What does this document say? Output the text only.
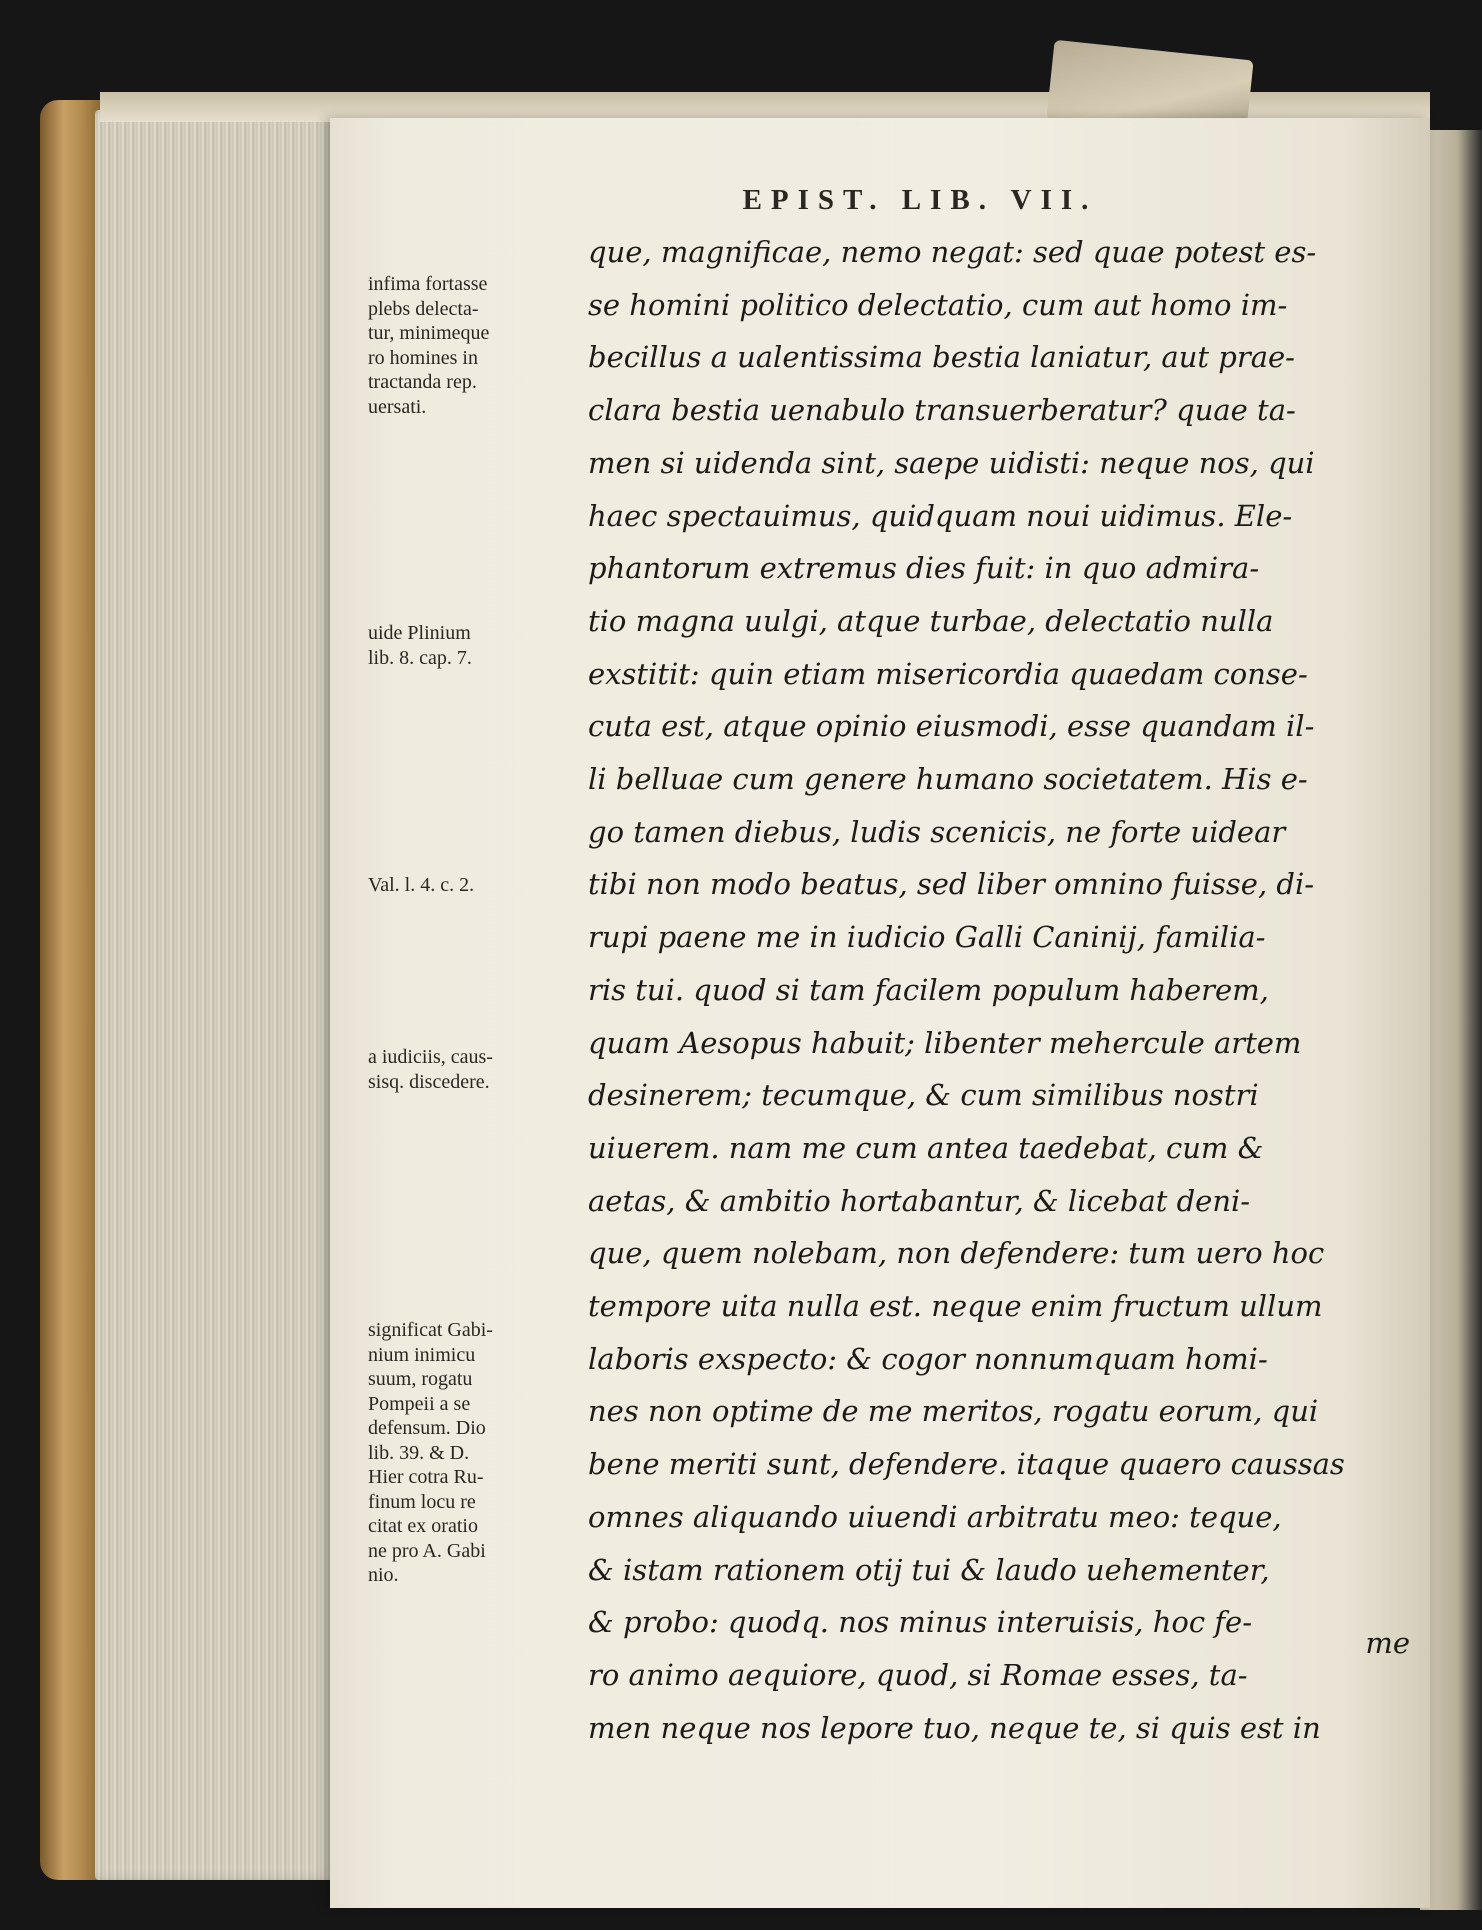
EPIST. LIB. VII.
que, magnificae, nemo negat: sed quae potest es-
se homini politico delectatio, cum aut homo im-
becillus a ualentissima bestia laniatur, aut prae-
clara bestia uenabulo transuerberatur? quae ta-
men si uidenda sint, saepe uidisti: neque nos, qui
haec spectauimus, quidquam noui uidimus. Ele-
phantorum extremus dies fuit: in quo admira-
tio magna uulgi, atque turbae, delectatio nulla
exstitit: quin etiam misericordia quaedam conse-
cuta est, atque opinio eiusmodi, esse quandam il-
li belluae cum genere humano societatem. His e-
go tamen diebus, ludis scenicis, ne forte uidear
tibi non modo beatus, sed liber omnino fuisse, di-
rupi paene me in iudicio Galli Caninij, familia-
ris tui. quod si tam facilem populum haberem,
quam Aesopus habuit; libenter mehercule artem
desinerem; tecumque, & cum similibus nostri
uiuerem. nam me cum antea taedebat, cum &
aetas, & ambitio hortabantur, & licebat deni-
que, quem nolebam, non defendere: tum uero hoc
tempore uita nulla est. neque enim fructum ullum
laboris exspecto: & cogor nonnumquam homi-
nes non optime de me meritos, rogatu eorum, qui
bene meriti sunt, defendere. itaque quaero caussas
omnes aliquando uiuendi arbitratu meo: teque,
& istam rationem otij tui & laudo uehementer,
& probo: quodq. nos minus interuisis, hoc fe-
ro animo aequiore, quod, si Romae esses, ta-
men neque nos lepore tuo, neque te, si quis est in
me
infima fortasse
plebs delecta-
tur, minimeque
ro homines in
tractanda rep.
uersati.
uide Plinium
lib. 8. cap. 7.
Val. l. 4. c. 2.
a iudiciis, caus-
sisq. discedere.
significat Gabi-
nium inimicu
suum, rogatu
Pompeii a se
defensum. Dio
lib. 39. & D.
Hier cotra Ru-
finum locu re
citat ex oratio
ne pro A. Gabi
nio.
